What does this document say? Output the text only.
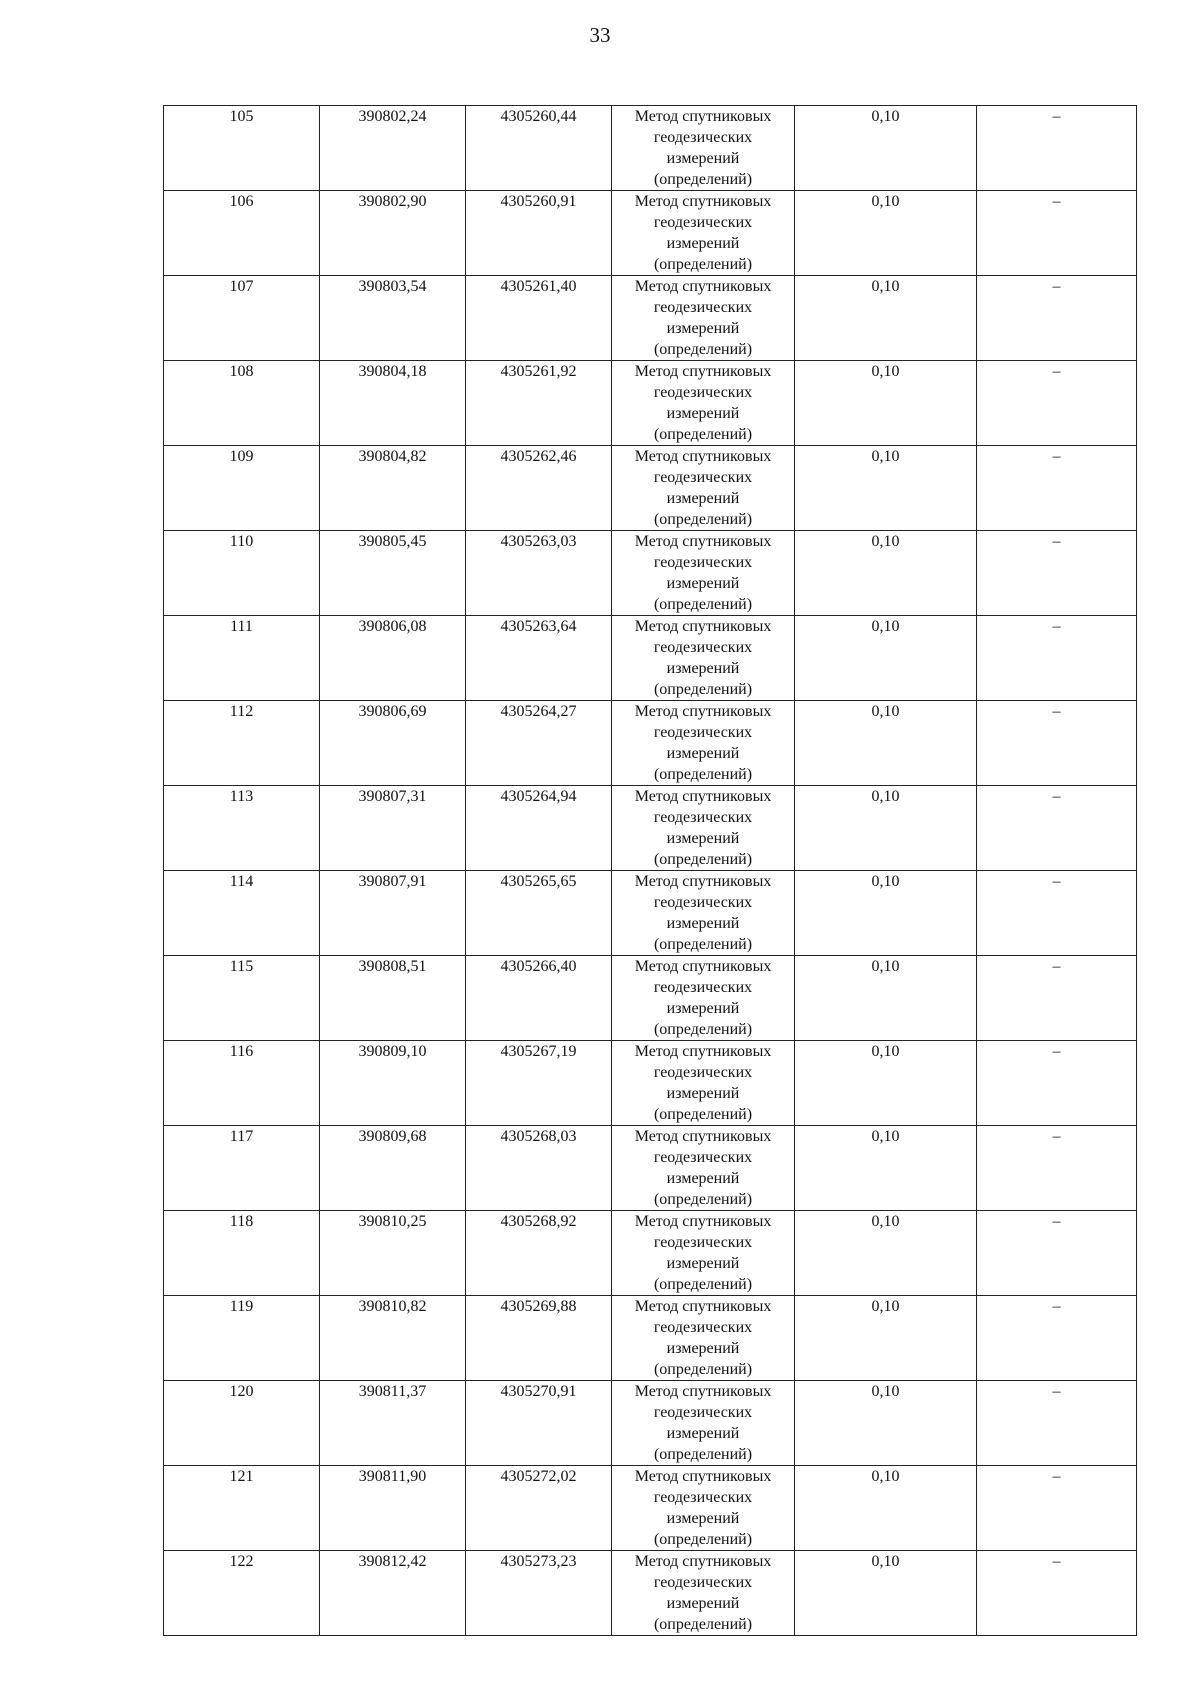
33
105	390802,24	4305260,44	Метод спутниковых
геодезических
измерений
(определений)	0,10	–
106	390802,90	4305260,91	Метод спутниковых
геодезических
измерений
(определений)	0,10	–
107	390803,54	4305261,40	Метод спутниковых
геодезических
измерений
(определений)	0,10	–
108	390804,18	4305261,92	Метод спутниковых
геодезических
измерений
(определений)	0,10	–
109	390804,82	4305262,46	Метод спутниковых
геодезических
измерений
(определений)	0,10	–
110	390805,45	4305263,03	Метод спутниковых
геодезических
измерений
(определений)	0,10	–
111	390806,08	4305263,64	Метод спутниковых
геодезических
измерений
(определений)	0,10	–
112	390806,69	4305264,27	Метод спутниковых
геодезических
измерений
(определений)	0,10	–
113	390807,31	4305264,94	Метод спутниковых
геодезических
измерений
(определений)	0,10	–
114	390807,91	4305265,65	Метод спутниковых
геодезических
измерений
(определений)	0,10	–
115	390808,51	4305266,40	Метод спутниковых
геодезических
измерений
(определений)	0,10	–
116	390809,10	4305267,19	Метод спутниковых
геодезических
измерений
(определений)	0,10	–
117	390809,68	4305268,03	Метод спутниковых
геодезических
измерений
(определений)	0,10	–
118	390810,25	4305268,92	Метод спутниковых
геодезических
измерений
(определений)	0,10	–
119	390810,82	4305269,88	Метод спутниковых
геодезических
измерений
(определений)	0,10	–
120	390811,37	4305270,91	Метод спутниковых
геодезических
измерений
(определений)	0,10	–
121	390811,90	4305272,02	Метод спутниковых
геодезических
измерений
(определений)	0,10	–
122	390812,42	4305273,23	Метод спутниковых
геодезических
измерений
(определений)	0,10	–
